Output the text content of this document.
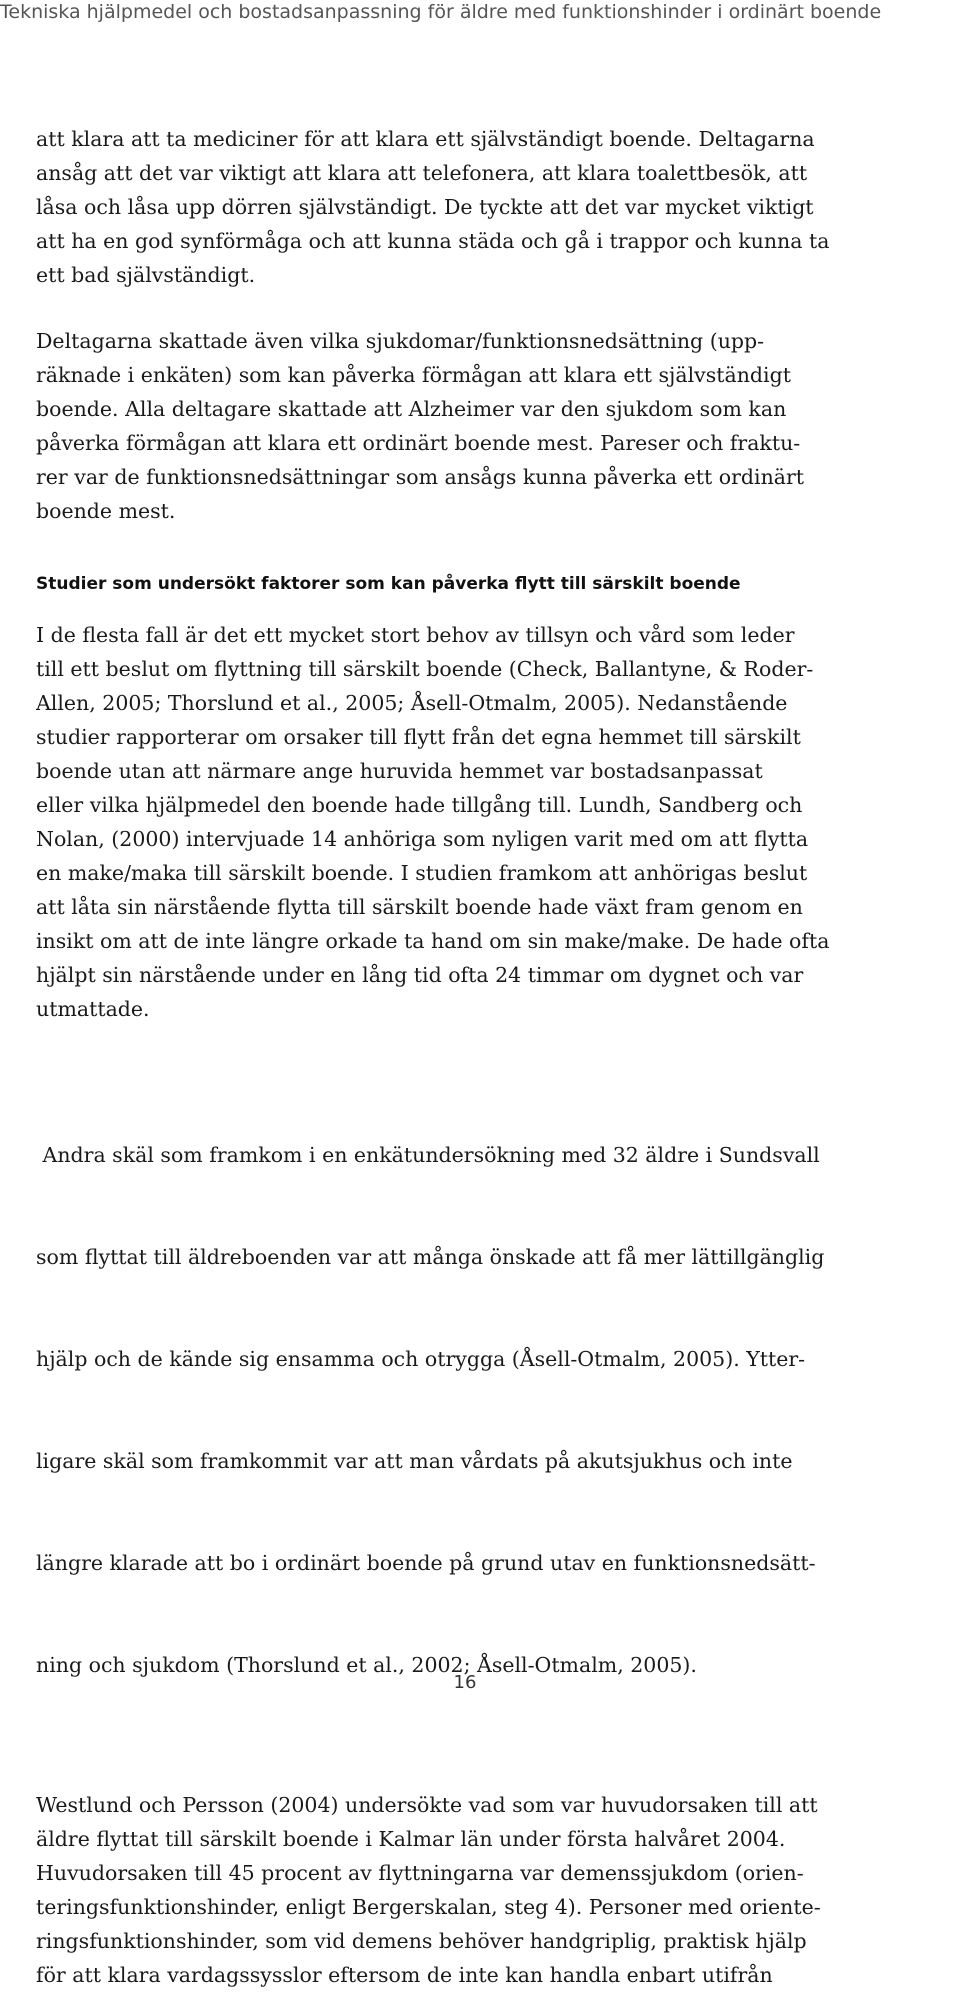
Tekniska hjälpmedel och bostadsanpassning för äldre med funktionshinder i ordinärt boende

att klara att ta mediciner för att klara ett självständigt boende. Deltagarna
ansåg att det var viktigt att klara att telefonera, att klara toalettbesök, att
låsa och låsa upp dörren självständigt. De tyckte att det var mycket viktigt
att ha en god synförmåga och att kunna städa och gå i trappor och kunna ta
ett bad självständigt.

Deltagarna skattade även vilka sjukdomar/funktionsnedsättning (upp-
räknade i enkäten) som kan påverka förmågan att klara ett självständigt
boende. Alla deltagare skattade att Alzheimer var den sjukdom som kan
påverka förmågan att klara ett ordinärt boende mest. Pareser och fraktu-
rer var de funktionsnedsättningar som ansågs kunna påverka ett ordinärt
boende mest.

Studier som undersökt faktorer som kan påverka flytt till särskilt boende

I de flesta fall är det ett mycket stort behov av tillsyn och vård som leder
till ett beslut om flyttning till särskilt boende (Check, Ballantyne, & Roder-
Allen, 2005; Thorslund et al., 2005; Åsell-Otmalm, 2005). Nedanstående
studier rapporterar om orsaker till flytt från det egna hemmet till särskilt
boende utan att närmare ange huruvida hemmet var bostadsanpassat
eller vilka hjälpmedel den boende hade tillgång till. Lundh, Sandberg och
Nolan, (2000) intervjuade 14 anhöriga som nyligen varit med om att flytta
en make/maka till särskilt boende. I studien framkom att anhörigas beslut
att låta sin närstående flytta till särskilt boende hade växt fram genom en
insikt om att de inte längre orkade ta hand om sin make/make. De hade ofta
hjälpt sin närstående under en lång tid ofta 24 timmar om dygnet och var
utmattade.

Andra skäl som framkom i en enkätundersökning med 32 äldre i Sundsvall

som flyttat till äldreboenden var att många önskade att få mer lättillgänglig

hjälp och de kände sig ensamma och otrygga (Åsell-Otmalm, 2005). Ytter-

ligare skäl som framkommit var att man vårdats på akutsjukhus och inte

längre klarade att bo i ordinärt boende på grund utav en funktionsnedsätt-

ning och sjukdom (Thorslund et al., 2002; Åsell-Otmalm, 2005).

Westlund och Persson (2004) undersökte vad som var huvudorsaken till att
äldre flyttat till särskilt boende i Kalmar län under första halvåret 2004.
Huvudorsaken till 45 procent av flyttningarna var demenssjukdom (orien-
teringsfunktionshinder, enligt Bergerskalan, steg 4). Personer med oriente-
ringsfunktionshinder, som vid demens behöver handgriplig, praktisk hjälp
för att klara vardagssysslor eftersom de inte kan handla enbart utifrån

16
